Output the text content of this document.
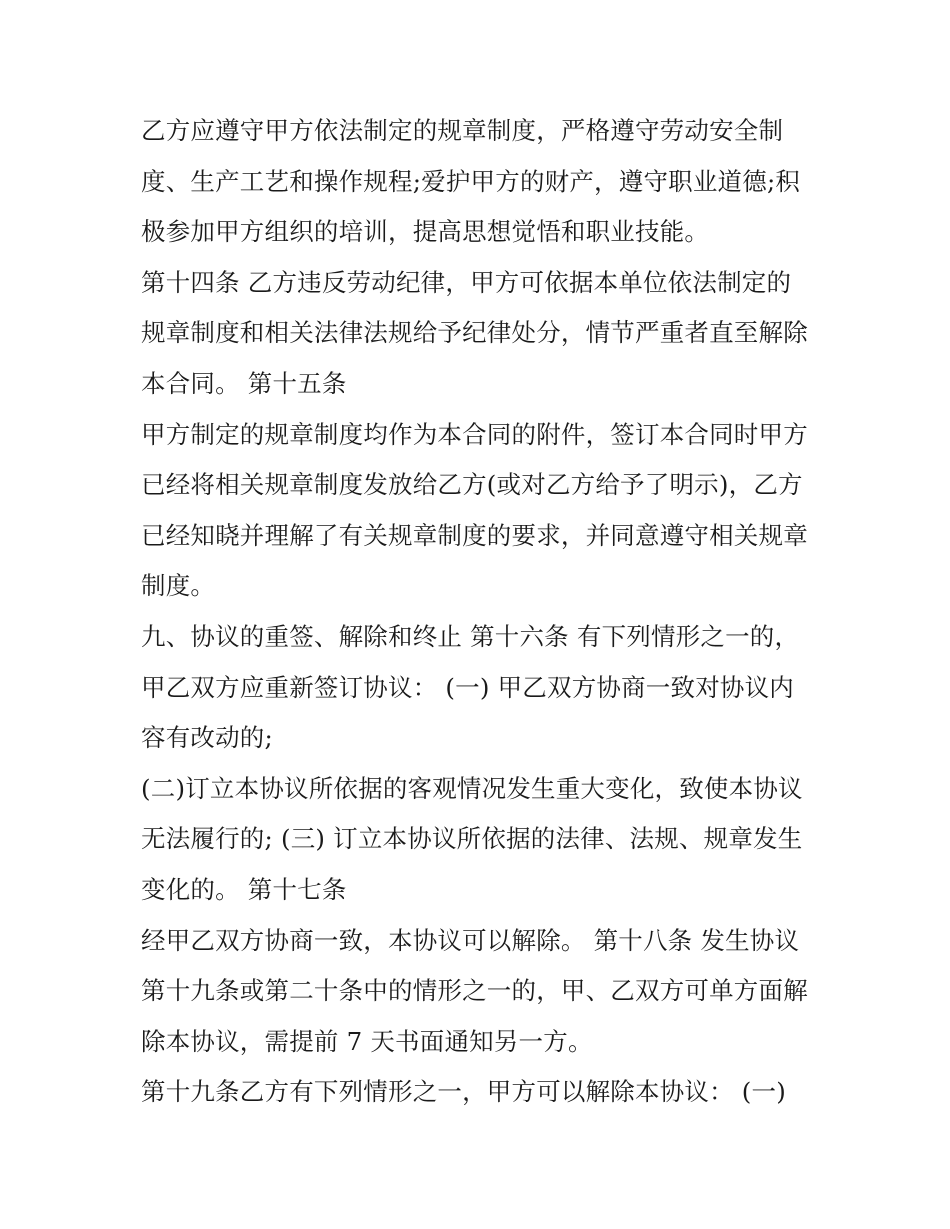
乙方应遵守甲方依法制定的规章制度，严格遵守劳动安全制
度、生产工艺和操作规程;爱护甲方的财产，遵守职业道德;积
极参加甲方组织的培训，提高思想觉悟和职业技能。
第十四条 乙方违反劳动纪律，甲方可依据本单位依法制定的
规章制度和相关法律法规给予纪律处分，情节严重者直至解除
本合同。 第十五条
甲方制定的规章制度均作为本合同的附件，签订本合同时甲方
已经将相关规章制度发放给乙方(或对乙方给予了明示)，乙方
已经知晓并理解了有关规章制度的要求，并同意遵守相关规章
制度。
九、协议的重签、解除和终止 第十六条 有下列情形之一的，
甲乙双方应重新签订协议： (一) 甲乙双方协商一致对协议内
容有改动的;
(二)订立本协议所依据的客观情况发生重大变化，致使本协议
无法履行的; (三) 订立本协议所依据的法律、法规、规章发生
变化的。 第十七条
经甲乙双方协商一致，本协议可以解除。 第十八条 发生协议
第十九条或第二十条中的情形之一的，甲、乙双方可单方面解
除本协议，需提前 7 天书面通知另一方。
第十九条乙方有下列情形之一，甲方可以解除本协议： (一)
